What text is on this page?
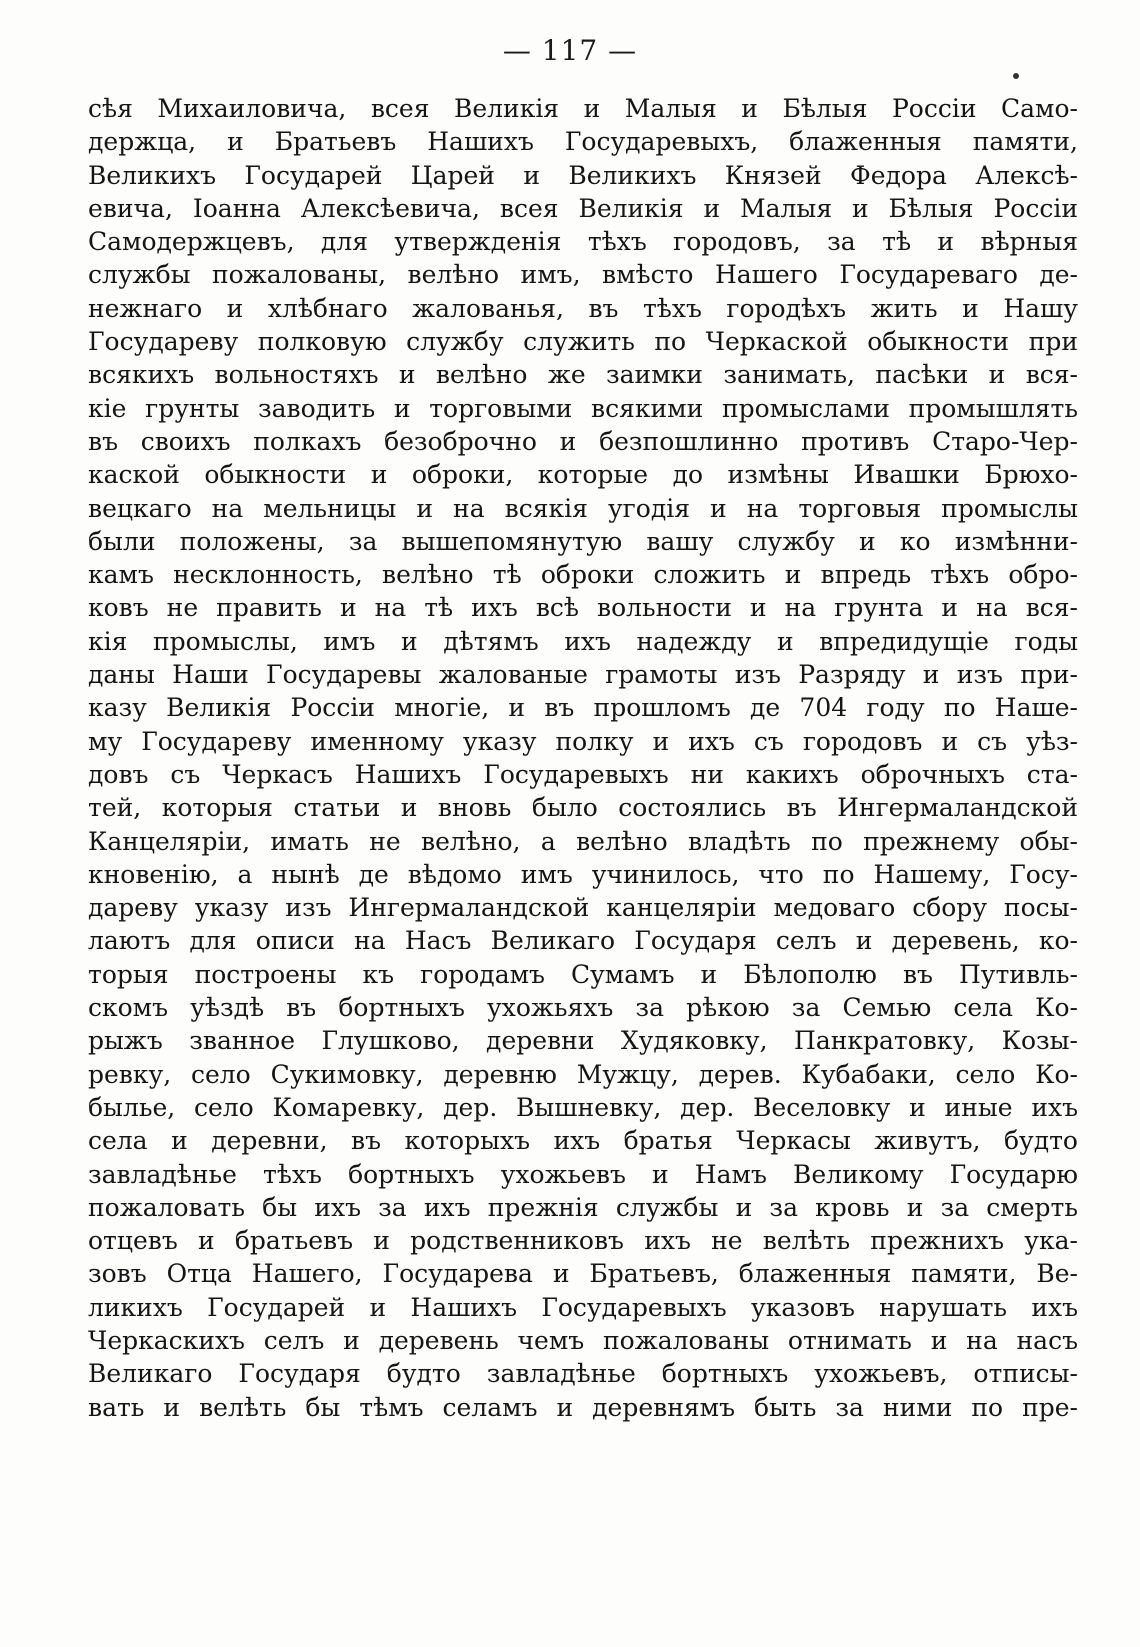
— 117 —
сѣя Михаиловича, всея Великія и Малыя и Бѣлыя Россіи Само-
держца, и Братьевъ Нашихъ Государевыхъ, блаженныя памяти,
Великихъ Государей Царей и Великихъ Князей Федора Алексѣ-
евича, Іоанна Алексѣевича, всея Великія и Малыя и Бѣлыя Россіи
Самодержцевъ, для утвержденія тѣхъ городовъ, за тѣ и вѣрныя
службы пожалованы, велѣно имъ, вмѣсто Нашего Государеваго де-
нежнаго и хлѣбнаго жалованья, въ тѣхъ городѣхъ жить и Нашу
Государеву полковую службу служить по Черкаской обыкности при
всякихъ вольностяхъ и велѣно же заимки занимать, пасѣки и вся-
кіе грунты заводить и торговыми всякими промыслами промышлять
въ своихъ полкахъ безоброчно и безпошлинно противъ Старо-Чер-
каской обыкности и оброки, которые до измѣны Ивашки Брюхо-
вецкаго на мельницы и на всякія угодія и на торговыя промыслы
были положены, за вышепомянутую вашу службу и ко измѣнни-
камъ несклонность, велѣно тѣ оброки сложить и впредь тѣхъ обро-
ковъ не править и на тѣ ихъ всѣ вольности и на грунта и на вся-
кія промыслы, имъ и дѣтямъ ихъ надежду и впредидущіе годы
даны Наши Государевы жалованые грамоты изъ Разряду и изъ при-
казу Великія Россіи многіе, и въ прошломъ де 704 году по Наше-
му Государеву именному указу полку и ихъ съ городовъ и съ уѣз-
довъ съ Черкасъ Нашихъ Государевыхъ ни какихъ оброчныхъ ста-
тей, которыя статьи и вновь было состоялись въ Ингермаландской
Канцеляріи, имать не велѣно, а велѣно владѣть по прежнему обы-
кновенію, а нынѣ де вѣдомо имъ учинилось, что по Нашему, Госу-
дареву указу изъ Ингермаландской канцеляріи медоваго сбору посы-
лаютъ для описи на Насъ Великаго Государя селъ и деревень, ко-
торыя построены къ городамъ Сумамъ и Бѣлополю въ Путивль-
скомъ уѣздѣ въ бортныхъ ухожьяхъ за рѣкою за Семью села Ко-
рыжъ званное Глушково, деревни Худяковку, Панкратовку, Козы-
ревку, село Сукимовку, деревню Мужцу, дерев. Кубабаки, село Ко-
былье, село Комаревку, дер. Вышневку, дер. Веселовку и иные ихъ
села и деревни, въ которыхъ ихъ братья Черкасы живутъ, будто
завладѣнье тѣхъ бортныхъ ухожьевъ и Намъ Великому Государю
пожаловать бы ихъ за ихъ прежнія службы и за кровь и за смерть
отцевъ и братьевъ и родственниковъ ихъ не велѣть прежнихъ ука-
зовъ Отца Нашего, Государева и Братьевъ, блаженныя памяти, Ве-
ликихъ Государей и Нашихъ Государевыхъ указовъ нарушать ихъ
Черкаскихъ селъ и деревень чемъ пожалованы отнимать и на насъ
Великаго Государя будто завладѣнье бортныхъ ухожьевъ, отписы-
вать и велѣть бы тѣмъ селамъ и деревнямъ быть за ними по пре-
